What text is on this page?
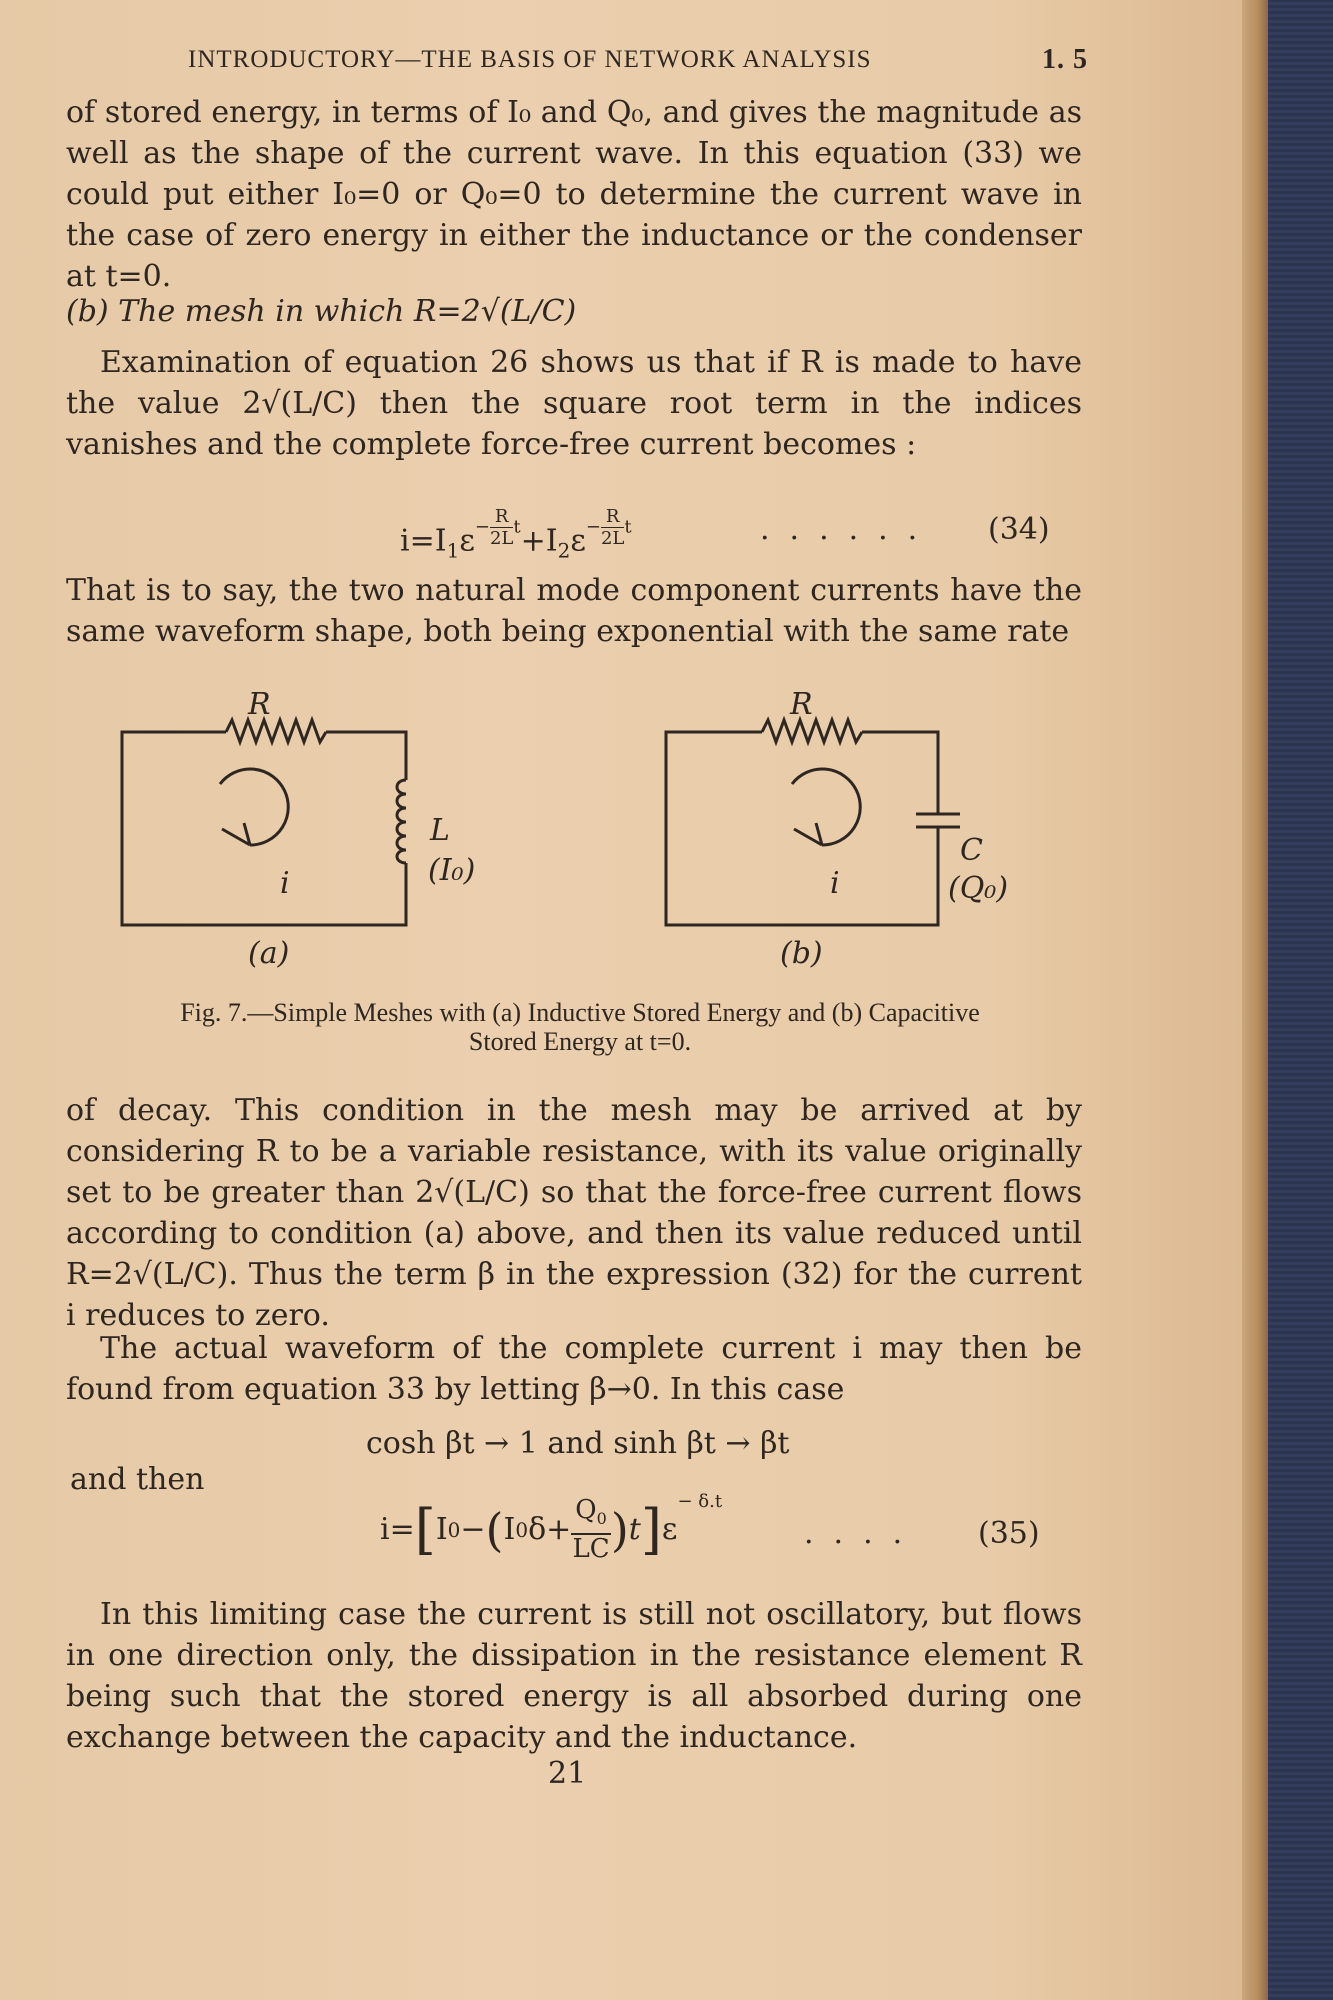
INTRODUCTORY—THE BASIS OF NETWORK ANALYSIS	1. 5
of stored energy, in terms of I₀ and Q₀, and gives the magnitude as well as the shape of the current wave. In this equation (33) we could put either I₀=0 or Q₀=0 to determine the current wave in the case of zero energy in either the inductance or the condenser at t=0.
(b) The mesh in which R=2√(L/C)
Examination of equation 26 shows us that if R is made to have the value 2√(L/C) then the square root term in the indices vanishes and the complete force-free current becomes :
$i=I_1\varepsilon- \frac{R}{2L} t+I_2\varepsilon- \frac{R}{2L}$ t	...... (34)
That is to say, the two natural mode component currents have the same waveform shape, both being exponential with the same rate
R
L
(I₀)
i
(a)
R
C
(Q₀)
i
(b)
Fig. 7.—Simple Meshes with (a) Inductive Stored Energy and (b) Capacitive
Stored Energy at t=0.
of decay. This condition in the mesh may be arrived at by considering R to be a variable resistance, with its value originally set to be greater than 2√(L/C) so that the force-free current flows according to condition (a) above, and then its value reduced until R=2√(L/C). Thus the term β in the expression (32) for the current i reduces to zero.
The actual waveform of the complete current i may then be found from equation 33 by letting β→0. In this case
cosh βt → 1 and sinh βt → βt
and then
i= [ I 0 − ( I 0 $\delta+ \frac{Q_0}{LC}$ ) t ] ε
− δ.t
.... (35)
In this limiting case the current is still not oscillatory, but flows in one direction only, the dissipation in the resistance element R being such that the stored energy is all absorbed during one exchange between the capacity and the inductance.
21
